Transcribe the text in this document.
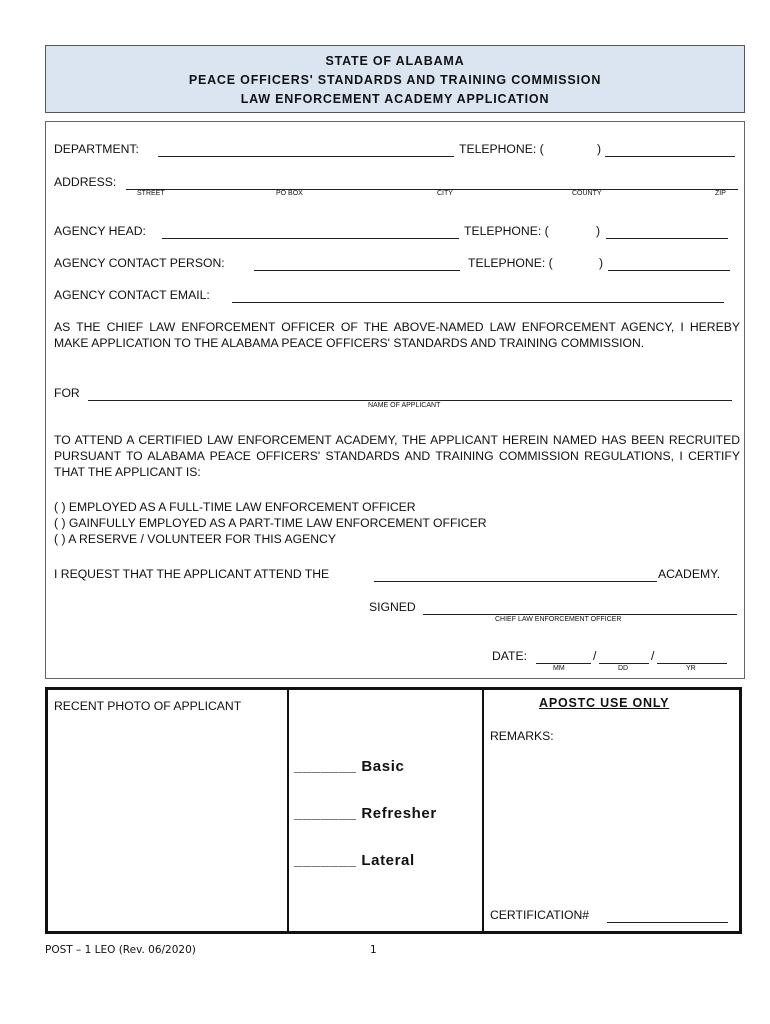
STATE OF ALABAMA
PEACE OFFICERS' STANDARDS AND TRAINING COMMISSION
LAW ENFORCEMENT ACADEMY APPLICATION
DEPARTMENT:	TELEPHONE: (	)
ADDRESS:
STREET	PO BOX	CITY	COUNTY	ZIP
AGENCY HEAD:	TELEPHONE: (	)
AGENCY CONTACT PERSON:	TELEPHONE: (	)
AGENCY CONTACT EMAIL:
AS THE CHIEF LAW ENFORCEMENT OFFICER OF THE ABOVE-NAMED LAW ENFORCEMENT AGENCY, I HEREBY MAKE APPLICATION TO THE ALABAMA PEACE OFFICERS' STANDARDS AND TRAINING COMMISSION.
FOR
NAME OF APPLICANT
TO ATTEND A CERTIFIED LAW ENFORCEMENT ACADEMY, THE APPLICANT HEREIN NAMED HAS BEEN RECRUITED PURSUANT TO ALABAMA PEACE OFFICERS' STANDARDS AND TRAINING COMMISSION REGULATIONS, I CERTIFY THAT THE APPLICANT IS:
( ) EMPLOYED AS A FULL-TIME LAW ENFORCEMENT OFFICER
( ) GAINFULLY EMPLOYED AS A PART-TIME LAW ENFORCEMENT OFFICER
( ) A RESERVE / VOLUNTEER FOR THIS AGENCY
I REQUEST THAT THE APPLICANT ATTEND THE	ACADEMY.
SIGNED
CHIEF LAW ENFORCEMENT OFFICER
DATE:	/	/
MM	DD	YR
RECENT PHOTO OF APPLICANT
_______ Basic
_______ Refresher
_______ Lateral
APOSTC USE ONLY
REMARKS:
CERTIFICATION#
POST – 1 LEO (Rev. 06/2020)	1
